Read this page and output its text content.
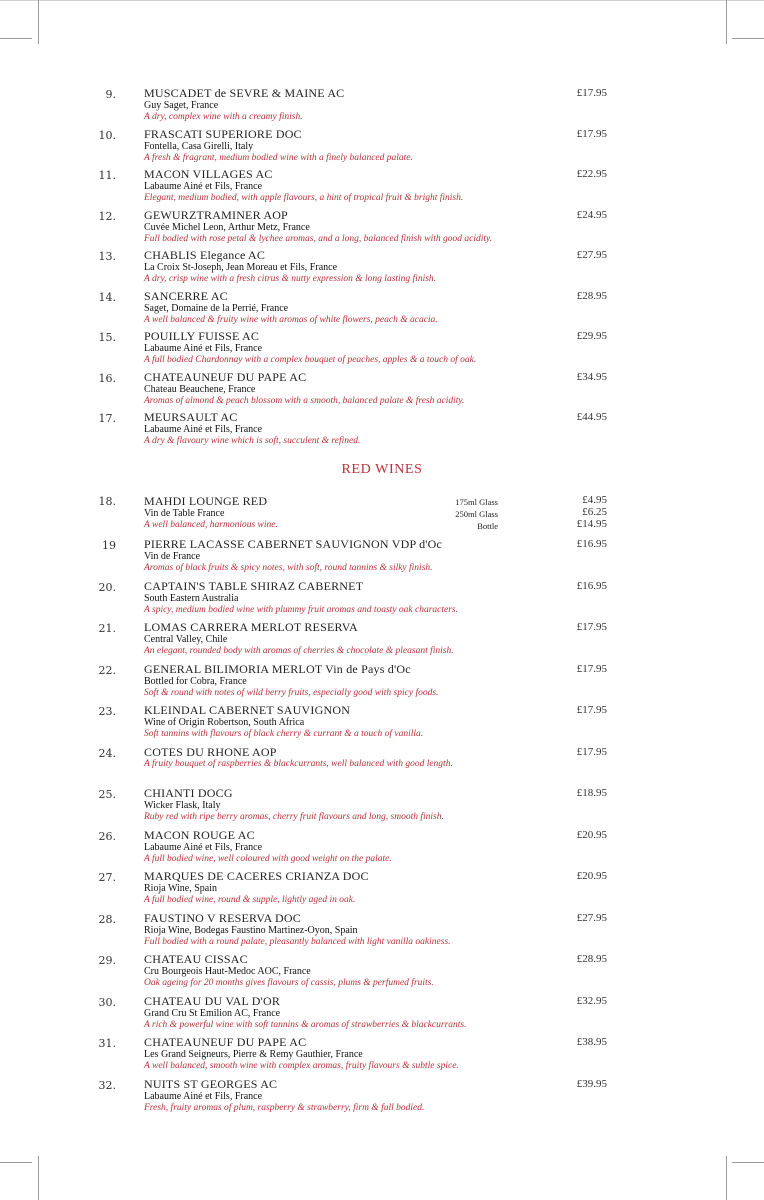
9. MUSCADET de SEVRE & MAINE AC
Guy Saget, France
A dry, complex wine with a creamy finish.
£17.95
10. FRASCATI SUPERIORE DOC
Fontella, Casa Girelli, Italy
A fresh & fragrant, medium bodied wine with a finely balanced palate.
£17.95
11. MACON VILLAGES AC
Labaume Ainé et Fils, France
Elegant, medium bodied, with apple flavours, a hint of tropical fruit & bright finish.
£22.95
12. GEWURZTRAMINER AOP
Cuvée Michel Leon, Arthur Metz, France
Full bodied with rose petal & lychee aromas, and a long, balanced finish with good acidity.
£24.95
13. CHABLIS Elegance AC
La Croix St-Joseph, Jean Moreau et Fils, France
A dry, crisp wine with a fresh citrus & nutty expression & long lasting finish.
£27.95
14. SANCERRE AC
Saget, Domaine de la Perrié, France
A well balanced & fruity wine with aromas of white flowers, peach & acacia.
£28.95
15. POUILLY FUISSE AC
Labaume Ainé et Fils, France
A full bodied Chardonnay with a complex bouquet of peaches, apples & a touch of oak.
£29.95
16. CHATEAUNEUF DU PAPE AC
Chateau Beauchene, France
Aromas of almond & peach blossom with a smooth, balanced palate & fresh acidity.
£34.95
17. MEURSAULT AC
Labaume Ainé et Fils, France
A dry & flavoury wine which is soft, succulent & refined.
£44.95
RED WINES
18. MAHDI LOUNGE RED
Vin de Table France
A well balanced, harmonious wine.
175ml Glass
250ml Glass
Bottle
£4.95
£6.25
£14.95
19 PIERRE LACASSE CABERNET SAUVIGNON VDP d'Oc
Vin de France
Aromas of black fruits & spicy notes, with soft, round tannins & silky finish.
£16.95
20. CAPTAIN'S TABLE SHIRAZ CABERNET
South Eastern Australia
A spicy, medium bodied wine with plummy fruit aromas and toasty oak characters.
£16.95
21. LOMAS CARRERA MERLOT RESERVA
Central Valley, Chile
An elegant, rounded body with aromas of cherries & chocolate & pleasant finish.
£17.95
22. GENERAL BILIMORIA MERLOT Vin de Pays d'Oc
Bottled for Cobra, France
Soft & round with notes of wild berry fruits, especially good with spicy foods.
£17.95
23. KLEINDAL CABERNET SAUVIGNON
Wine of Origin Robertson, South Africa
Soft tannins with flavours of black cherry & currant & a touch of vanilla.
£17.95
24. COTES DU RHONE AOP
A fruity bouquet of raspberries & blackcurrants, well balanced with good length.
£17.95
25. CHIANTI DOCG
Wicker Flask, Italy
Ruby red with ripe berry aromas, cherry fruit flavours and long, smooth finish.
£18.95
26. MACON ROUGE AC
Labaume Ainé et Fils, France
A full bodied wine, well coloured with good weight on the palate.
£20.95
27. MARQUES DE CACERES CRIANZA DOC
Rioja Wine, Spain
A full bodied wine, round & supple, lightly aged in oak.
£20.95
28. FAUSTINO V RESERVA DOC
Rioja Wine, Bodegas Faustino Martinez-Oyon, Spain
Full bodied with a round palate, pleasantly balanced with light vanilla oakiness.
£27.95
29. CHATEAU CISSAC
Cru Bourgeois Haut-Medoc AOC, France
Oak ageing for 20 months gives flavours of cassis, plums & perfumed fruits.
£28.95
30. CHATEAU DU VAL D'OR
Grand Cru St Emilion AC, France
A rich & powerful wine with soft tannins & aromas of strawberries & blackcurrants.
£32.95
31. CHATEAUNEUF DU PAPE AC
Les Grand Seigneurs, Pierre & Remy Gauthier, France
A well balanced, smooth wine with complex aromas, fruity flavours & subtle spice.
£38.95
32. NUITS ST GEORGES AC
Labaume Ainé et Fils, France
Fresh, fruity aromas of plum, raspberry & strawberry, firm & full bodied.
£39.95
